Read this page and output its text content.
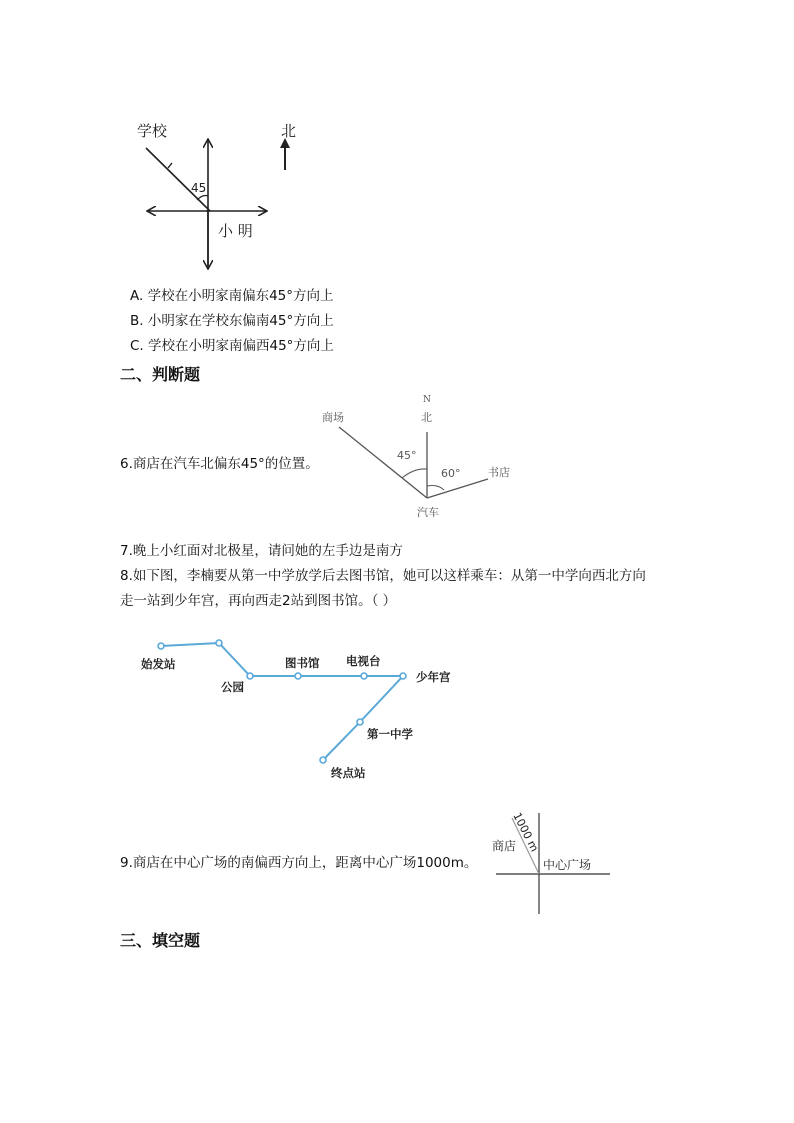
学校	北
45
小 明
A. 学校在小明家南偏东45°方向上
B. 小明家在学校东偏南45°方向上
C. 学校在小明家南偏西45°方向上
二、判断题
6.商店在汽车北偏东45°的位置。
N
北
商场
45°
60°	书店
汽车
7.晚上小红面对北极星，请问她的左手边是南方
8.如下图，李楠要从第一中学放学后去图书馆，她可以这样乘车：从第一中学向西北方向
走一站到少年宫，再向西走2站到图书馆。（ ）
始发站
公园
图书馆 电视台
少年宫
第一中学
终点站
9.商店在中心广场的南偏西方向上，距离中心广场1000m。
1000 m
商店
中心广场
三、填空题
